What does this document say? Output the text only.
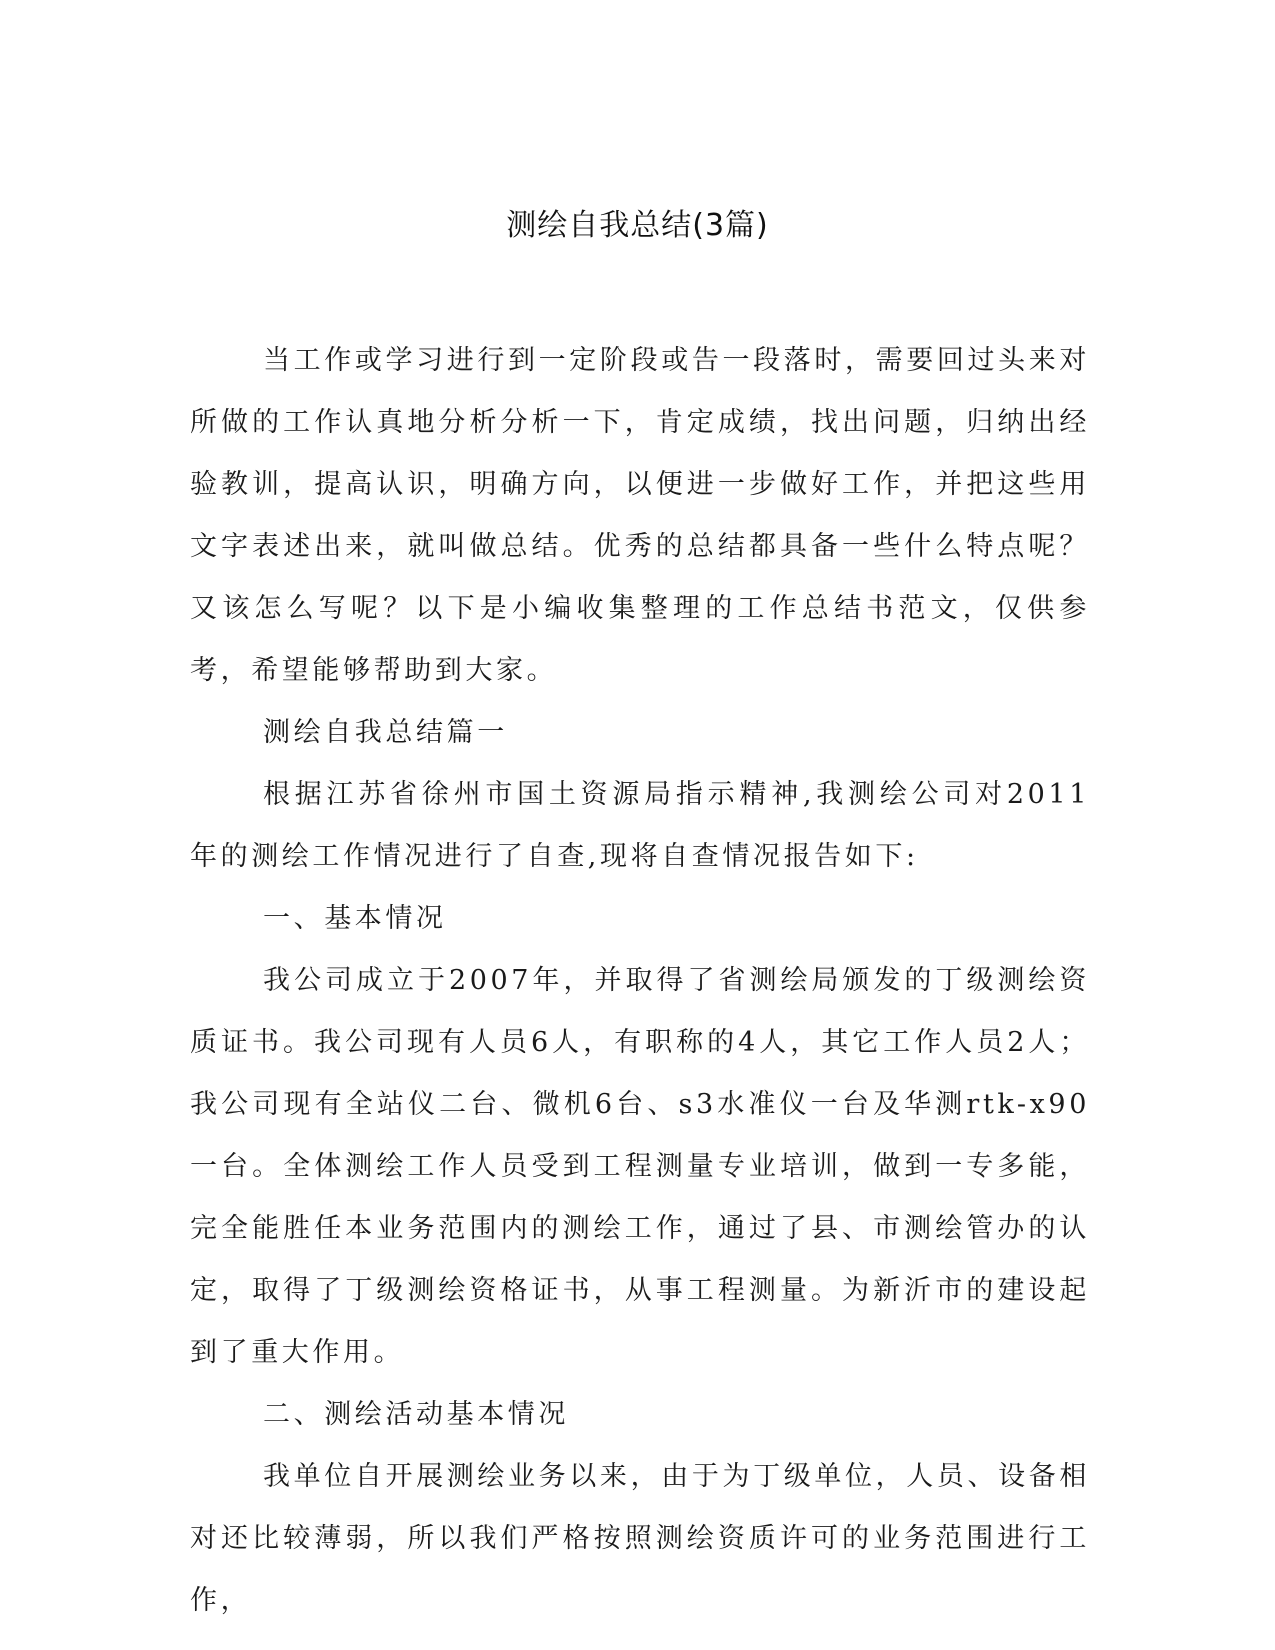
测绘自我总结(3篇)

当工作或学习进行到一定阶段或告一段落时，需要回过头来对所做的工作认真地分析分析一下，肯定成绩，找出问题，归纳出经验教训，提高认识，明确方向，以便进一步做好工作，并把这些用文字表述出来，就叫做总结。优秀的总结都具备一些什么特点呢？又该怎么写呢？以下是小编收集整理的工作总结书范文，仅供参考，希望能够帮助到大家。

测绘自我总结篇一

根据江苏省徐州市国土资源局指示精神,我测绘公司对2011年的测绘工作情况进行了自查,现将自查情况报告如下:

一、基本情况

我公司成立于2007年，并取得了省测绘局颁发的丁级测绘资质证书。我公司现有人员6人，有职称的4人，其它工作人员2人；我公司现有全站仪二台、微机6台、s3水准仪一台及华测rtk-x90一台。全体测绘工作人员受到工程测量专业培训，做到一专多能，完全能胜任本业务范围内的测绘工作，通过了县、市测绘管办的认定，取得了丁级测绘资格证书，从事工程测量。为新沂市的建设起到了重大作用。

二、测绘活动基本情况

我单位自开展测绘业务以来，由于为丁级单位，人员、设备相对还比较薄弱，所以我们严格按照测绘资质许可的业务范围进行工作，
